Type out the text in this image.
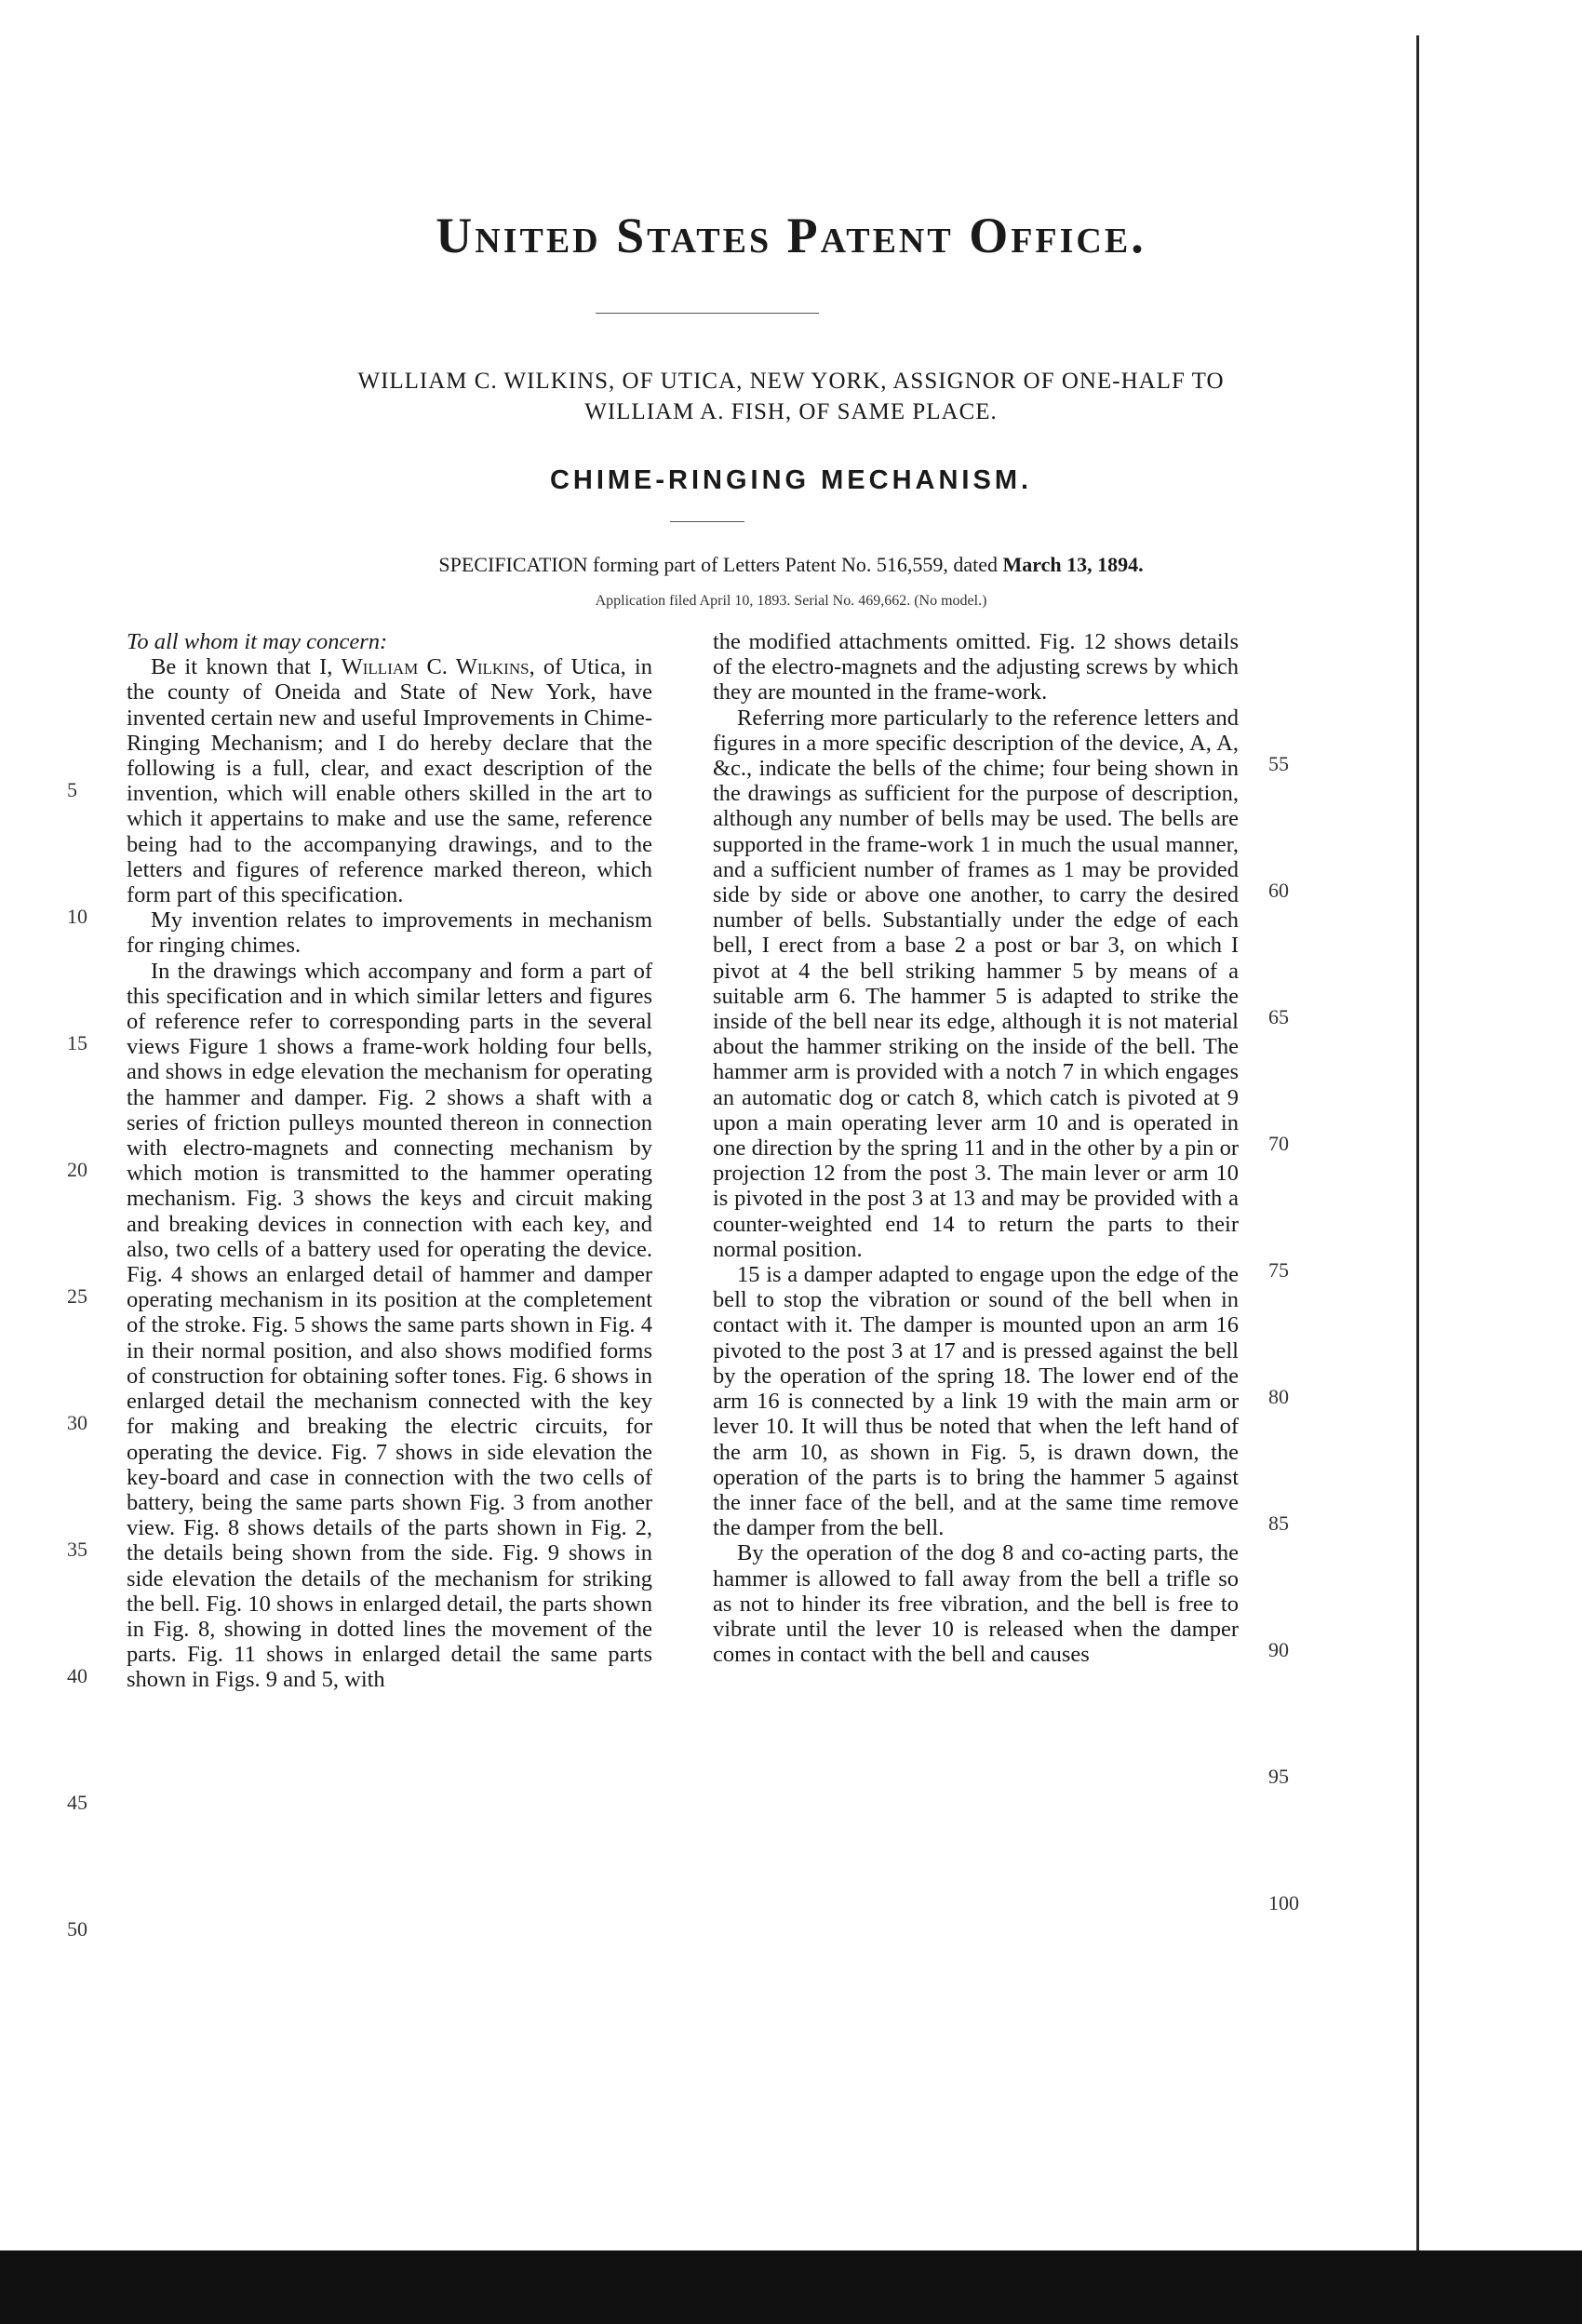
United States Patent Office.
WILLIAM C. WILKINS, OF UTICA, NEW YORK, ASSIGNOR OF ONE-HALF TO
WILLIAM A. FISH, OF SAME PLACE.
CHIME-RINGING MECHANISM.
SPECIFICATION forming part of Letters Patent No. 516,559, dated March 13, 1894.
Application filed April 10, 1893. Serial No. 469,662. (No model.)

To all whom it may concern:

Be it known that I, William C. Wilkins, of Utica, in the county of Oneida and State of New York, have invented certain new and useful Improvements in Chime-Ringing Mechanism; and I do hereby declare that the following is a full, clear, and exact description of the invention, which will enable others skilled in the art to which it appertains to make and use the same, reference being had to the accompanying drawings, and to the letters and figures of reference marked thereon, which form part of this specification.

My invention relates to improvements in mechanism for ringing chimes.

In the drawings which accompany and form a part of this specification and in which similar letters and figures of reference refer to corresponding parts in the several views Figure 1 shows a frame-work holding four bells, and shows in edge elevation the mechanism for operating the hammer and damper. Fig. 2 shows a shaft with a series of friction pulleys mounted thereon in connection with electro-magnets and connecting mechanism by which motion is transmitted to the hammer operating mechanism. Fig. 3 shows the keys and circuit making and breaking devices in connection with each key, and also, two cells of a battery used for operating the device. Fig. 4 shows an enlarged detail of hammer and damper operating mechanism in its position at the completement of the stroke. Fig. 5 shows the same parts shown in Fig. 4 in their normal position, and also shows modified forms of construction for obtaining softer tones. Fig. 6 shows in enlarged detail the mechanism connected with the key for making and breaking the electric circuits, for operating the device. Fig. 7 shows in side elevation the key-board and case in connection with the two cells of battery, being the same parts shown Fig. 3 from another view. Fig. 8 shows details of the parts shown in Fig. 2, the details being shown from the side. Fig. 9 shows in side elevation the details of the mechanism for striking the bell. Fig. 10 shows in enlarged detail, the parts shown in Fig. 8, showing in dotted lines the movement of the parts. Fig. 11 shows in enlarged detail the same parts shown in Figs. 9 and 5, with

the modified attachments omitted. Fig. 12 shows details of the electro-magnets and the adjusting screws by which they are mounted in the frame-work.

Referring more particularly to the reference letters and figures in a more specific description of the device, A, A, &c., indicate the bells of the chime; four being shown in the drawings as sufficient for the purpose of description, although any number of bells may be used. The bells are supported in the frame-work 1 in much the usual manner, and a sufficient number of frames as 1 may be provided side by side or above one another, to carry the desired number of bells. Substantially under the edge of each bell, I erect from a base 2 a post or bar 3, on which I pivot at 4 the bell striking hammer 5 by means of a suitable arm 6. The hammer 5 is adapted to strike the inside of the bell near its edge, although it is not material about the hammer striking on the inside of the bell. The hammer arm is provided with a notch 7 in which engages an automatic dog or catch 8, which catch is pivoted at 9 upon a main operating lever arm 10 and is operated in one direction by the spring 11 and in the other by a pin or projection 12 from the post 3. The main lever or arm 10 is pivoted in the post 3 at 13 and may be provided with a counter-weighted end 14 to return the parts to their normal position.

15 is a damper adapted to engage upon the edge of the bell to stop the vibration or sound of the bell when in contact with it. The damper is mounted upon an arm 16 pivoted to the post 3 at 17 and is pressed against the bell by the operation of the spring 18. The lower end of the arm 16 is connected by a link 19 with the main arm or lever 10. It will thus be noted that when the left hand of the arm 10, as shown in Fig. 5, is drawn down, the operation of the parts is to bring the hammer 5 against the inner face of the bell, and at the same time remove the damper from the bell.

By the operation of the dog 8 and co-acting parts, the hammer is allowed to fall away from the bell a trifle so as not to hinder its free vibration, and the bell is free to vibrate until the lever 10 is released when the damper comes in contact with the bell and causes

5
10
15
20
25
30
35
40
45
50
55
60
65
70
75
80
85
90
95
100
